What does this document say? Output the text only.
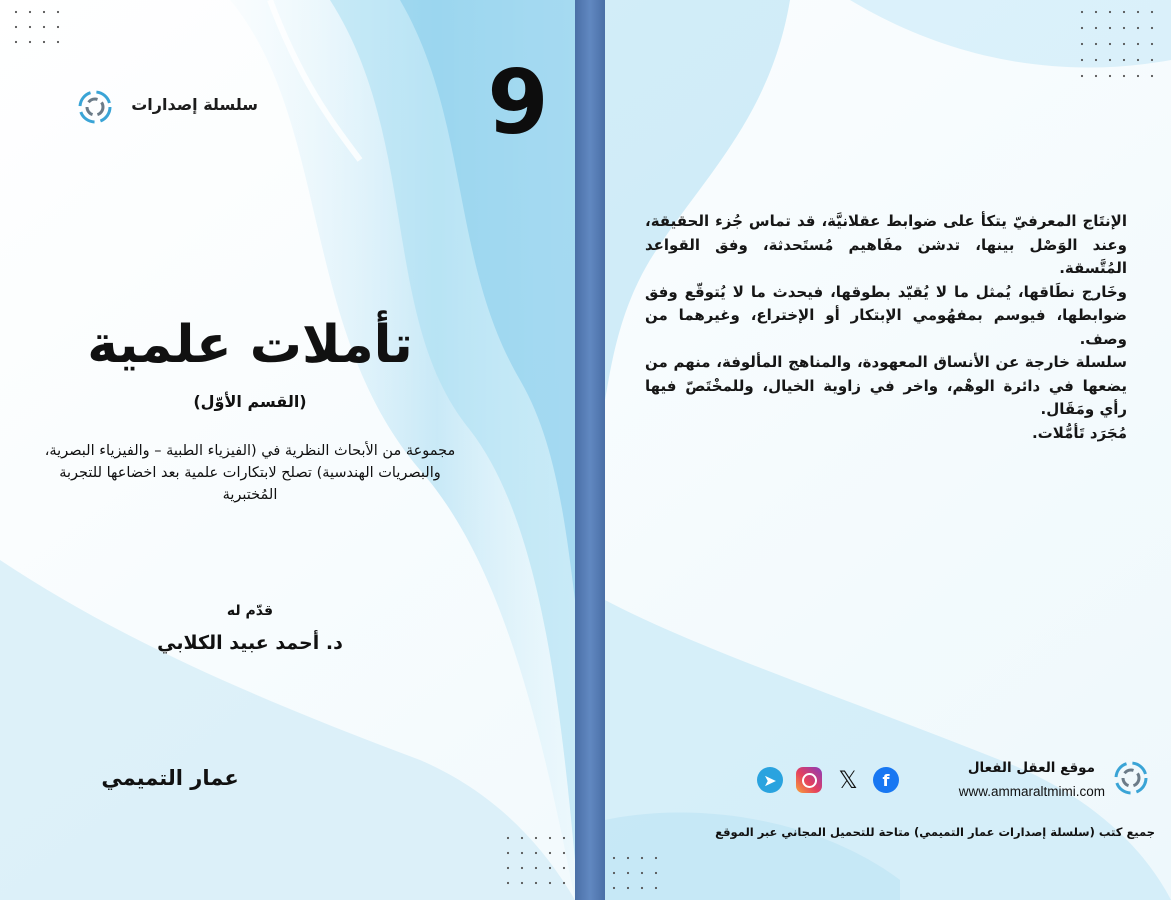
سلسلة إصدارات	9
تأملات علمية
(القسم الأوّل)
مجموعة من الأبحاث النظرية في (الفيزياء الطبية – والفيزياء البصرية، والبصريات الهندسية) تصلح لابتكارات علمية بعد اخضاعها للتجربة المُختبرية
قدّم له
د. أحمد عبيد الكلابي
عمار التميمي

الإنتَاج المعرفيّ يتكأ على ضوابط عقلانيَّة، قد تماس جُزء الحقيقة، وعند الوَصْل بينها، تدشن مفَاهيم مُستَحدثة، وفق القواعد المُتَّسقة.

وخَارج نطَاقها، يُمثل ما لا يُقيّد بطوقها، فيحدث ما لا يُتوقّع وفق ضوابطها، فيوسم بمفهُومي الإبتكار أو الإختراع، وغيرهما من وصف.

سلسلة خارجة عن الأنساق المعهودة، والمناهج المألوفة، منهم من يضعها في دائرة الوهْم، واخر في زاوية الخيال، وللمخْتَصّ فيها رأي ومَقَال.

مُجَرَد تَأمُّلات.

موقع العقل الفعال
www.ammaraltmimi.com
f
𝕏
➤
جميع كتب (سلسلة إصدارات عمار التميمي) متاحة للتحميل المجاني عبر الموقع
